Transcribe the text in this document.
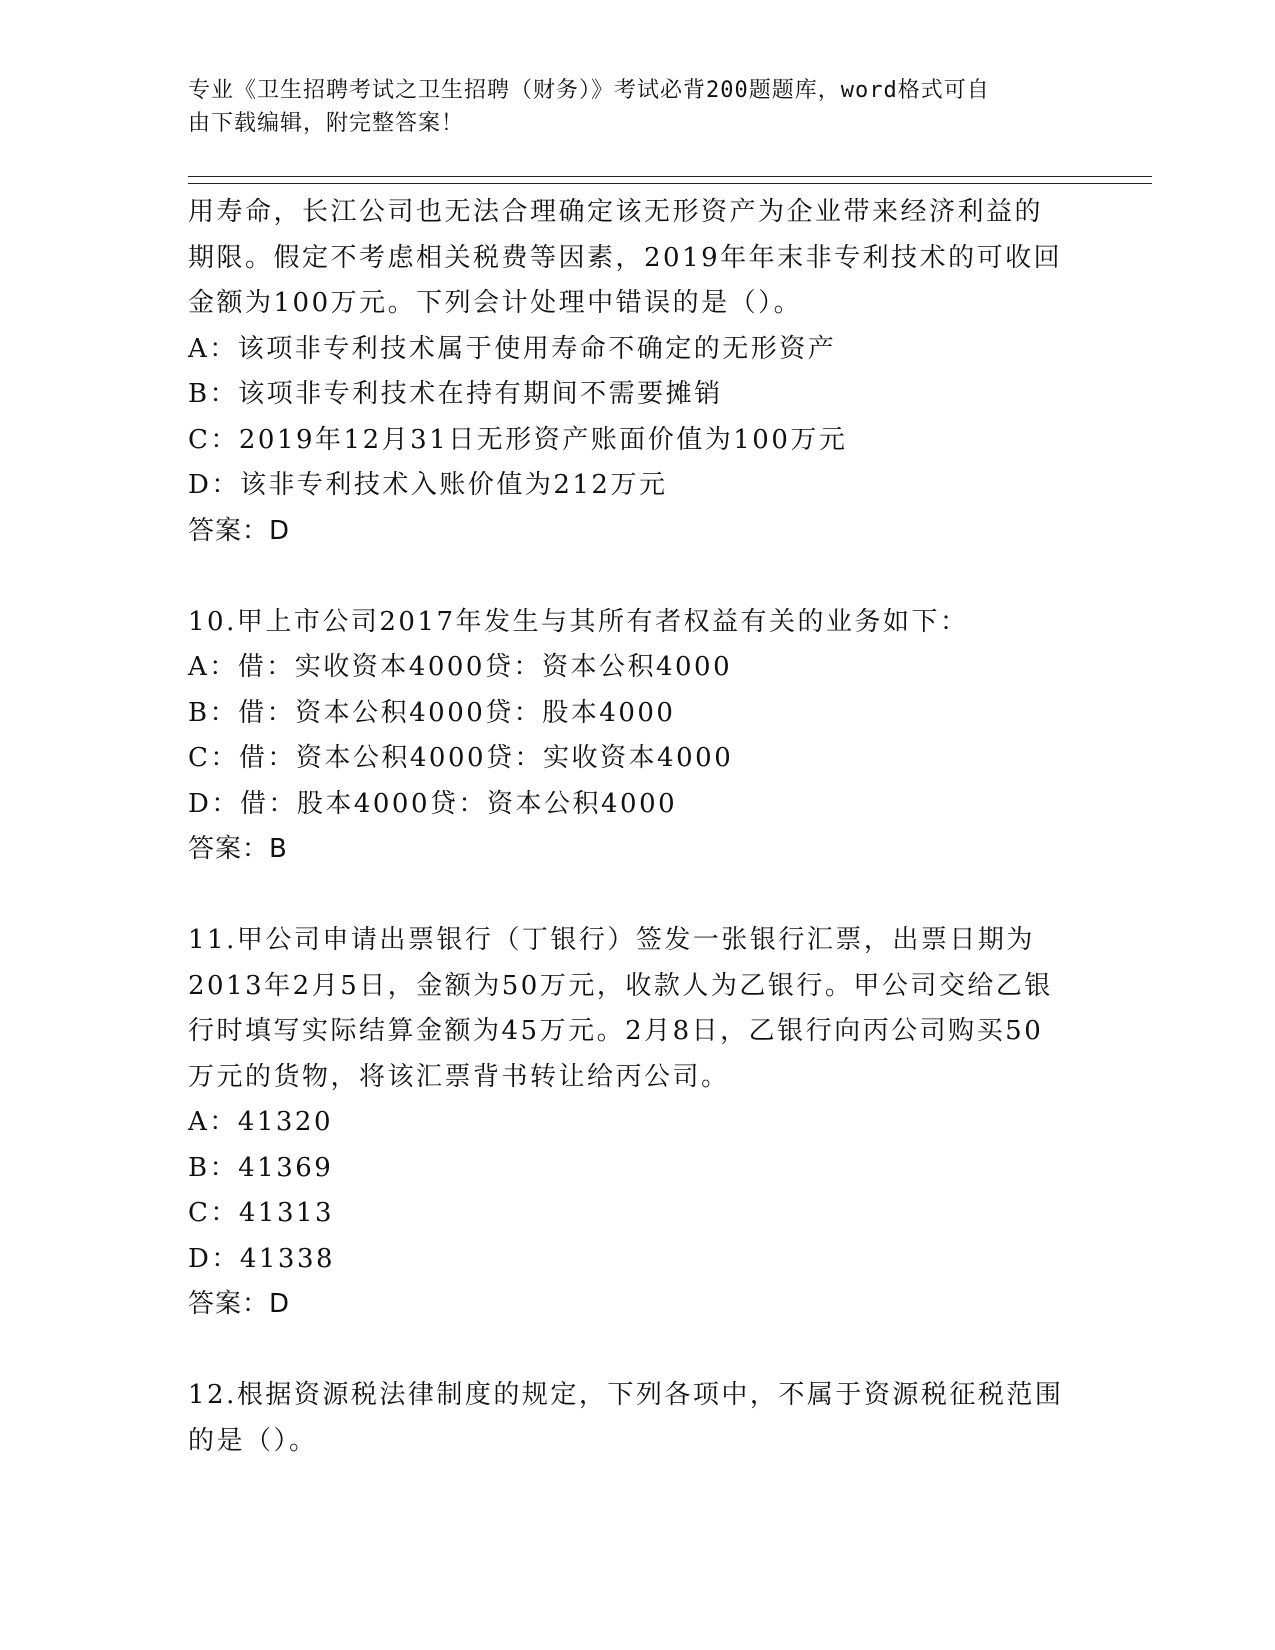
专业《卫生招聘考试之卫生招聘（财务）》考试必背200题题库，word格式可自
由下载编辑，附完整答案！
用寿命，长江公司也无法合理确定该无形资产为企业带来经济利益的
期限。假定不考虑相关税费等因素，2019年年末非专利技术的可收回
金额为100万元。下列会计处理中错误的是（）。
A：该项非专利技术属于使用寿命不确定的无形资产
B：该项非专利技术在持有期间不需要摊销
C：2019年12月31日无形资产账面价值为100万元
D：该非专利技术入账价值为212万元
答案：D
10.甲上市公司2017年发生与其所有者权益有关的业务如下：
A：借：实收资本4000贷：资本公积4000
B：借：资本公积4000贷：股本4000
C：借：资本公积4000贷：实收资本4000
D：借：股本4000贷：资本公积4000
答案：B
11.甲公司申请出票银行（丁银行）签发一张银行汇票，出票日期为
2013年2月5日，金额为50万元，收款人为乙银行。甲公司交给乙银
行时填写实际结算金额为45万元。2月8日，乙银行向丙公司购买50
万元的货物，将该汇票背书转让给丙公司。
A：41320
B：41369
C：41313
D：41338
答案：D
12.根据资源税法律制度的规定，下列各项中，不属于资源税征税范围
的是（）。
